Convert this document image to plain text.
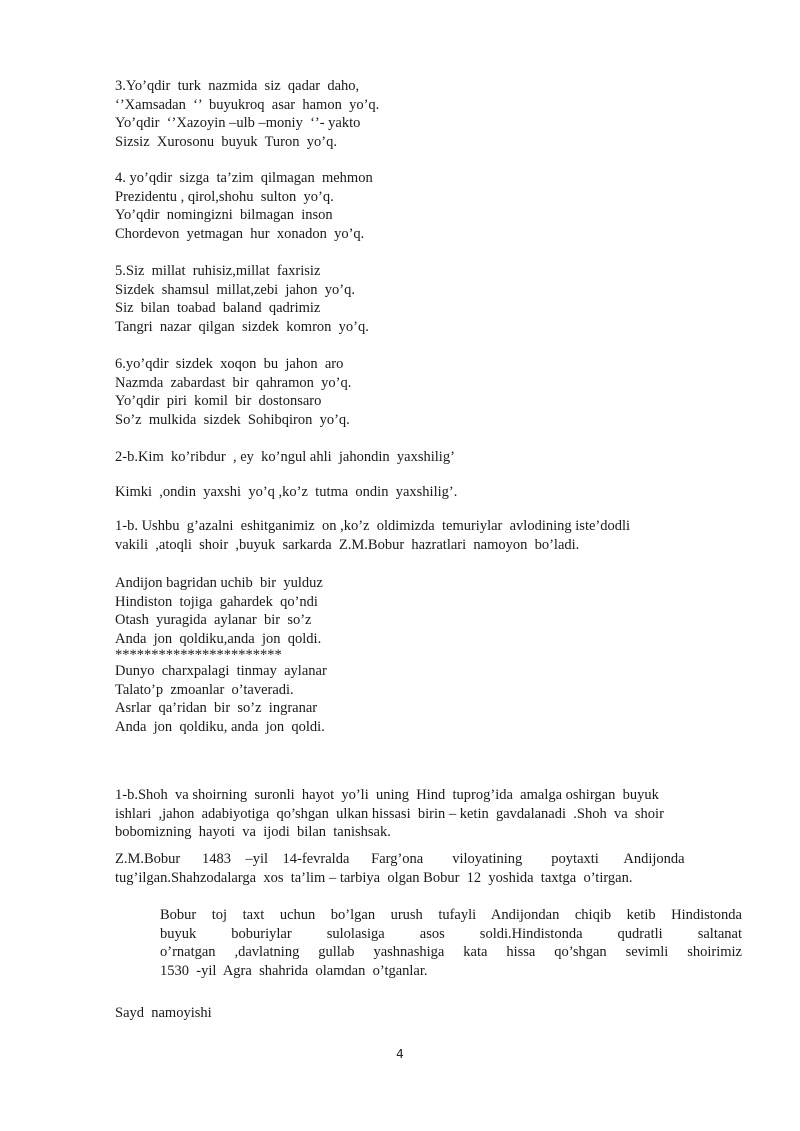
3.Yo’qdir  turk  nazmida  siz  qadar  daho,
‘’Xamsadan  ‘’  buyukroq  asar  hamon  yo’q.
Yo’qdir  ‘’Xazoyin –ulb –moniy  ‘’- yakto
Sizsiz  Xurosonu  buyuk  Turon  yo’q.
4. yo’qdir  sizga  ta’zim  qilmagan  mehmon
Prezidentu , qirol,shohu  sulton  yo’q.
Yo’qdir  nomingizni  bilmagan  inson
Chordevon  yetmagan  hur  xonadon  yo’q.
5.Siz  millat  ruhisiz,millat  faxrisiz
Sizdek  shamsul  millat,zebi  jahon  yo’q.
Siz  bilan  toabad  baland  qadrimiz
Tangri  nazar  qilgan  sizdek  komron  yo’q.
6.yo’qdir  sizdek  xoqon  bu  jahon  aro
Nazmda  zabardast  bir  qahramon  yo’q.
Yo’qdir  piri  komil  bir  dostonsaro
So’z  mulkida  sizdek  Sohibqiron  yo’q.
2-b.Kim  ko’ribdur  , ey  ko’ngul ahli  jahondin  yaxshilig’
Kimki  ,ondin  yaxshi  yo’q ,ko’z  tutma  ondin  yaxshilig’.
1-b. Ushbu  g’azalni  eshitganimiz  on ,ko’z  oldimizda  temuriylar  avlodining iste’dodli
vakili  ,atoqli  shoir  ,buyuk  sarkarda  Z.M.Bobur  hazratlari  namoyon  bo’ladi.
Andijon bagridan uchib  bir  yulduz
Hindiston  tojiga  gahardek  qo’ndi
Otash  yuragida  aylanar  bir  so’z
Anda  jon  qoldiku,anda  jon  qoldi.
***********************
Dunyo  charxpalagi  tinmay  aylanar
Talato’p  zmoanlar  o’taveradi.
Asrlar  qa’ridan  bir  so’z  ingranar
Anda  jon  qoldiku, anda  jon  qoldi.
1-b.Shoh  va shoirning  suronli  hayot  yo’li  uning  Hind  tuprog’ida  amalga oshirgan  buyuk
ishlari  ,jahon  adabiyotiga  qo’shgan  ulkan hissasi  birin – ketin  gavdalanadi  .Shoh  va  shoir
bobomizning  hayoti  va  ijodi  bilan  tanishsak.
Z.M.Bobur      1483    –yil    14-fevralda      Farg’ona        viloyatining        poytaxti       Andijonda
tug’ilgan.Shahzodalarga  xos  ta’lim – tarbiya  olgan Bobur  12  yoshida  taxtga  o’tirgan.
Bobur toj taxt uchun bo’lgan urush tufayli Andijondan chiqib ketib Hindistonda
buyuk boburiylar sulolasiga asos soldi.Hindistonda qudratli saltanat
o’rnatgan ,davlatning gullab yashnashiga kata hissa qo’shgan sevimli shoirimiz
1530  -yil  Agra  shahrida  olamdan  o’tganlar.
Sayd  namoyishi
4
